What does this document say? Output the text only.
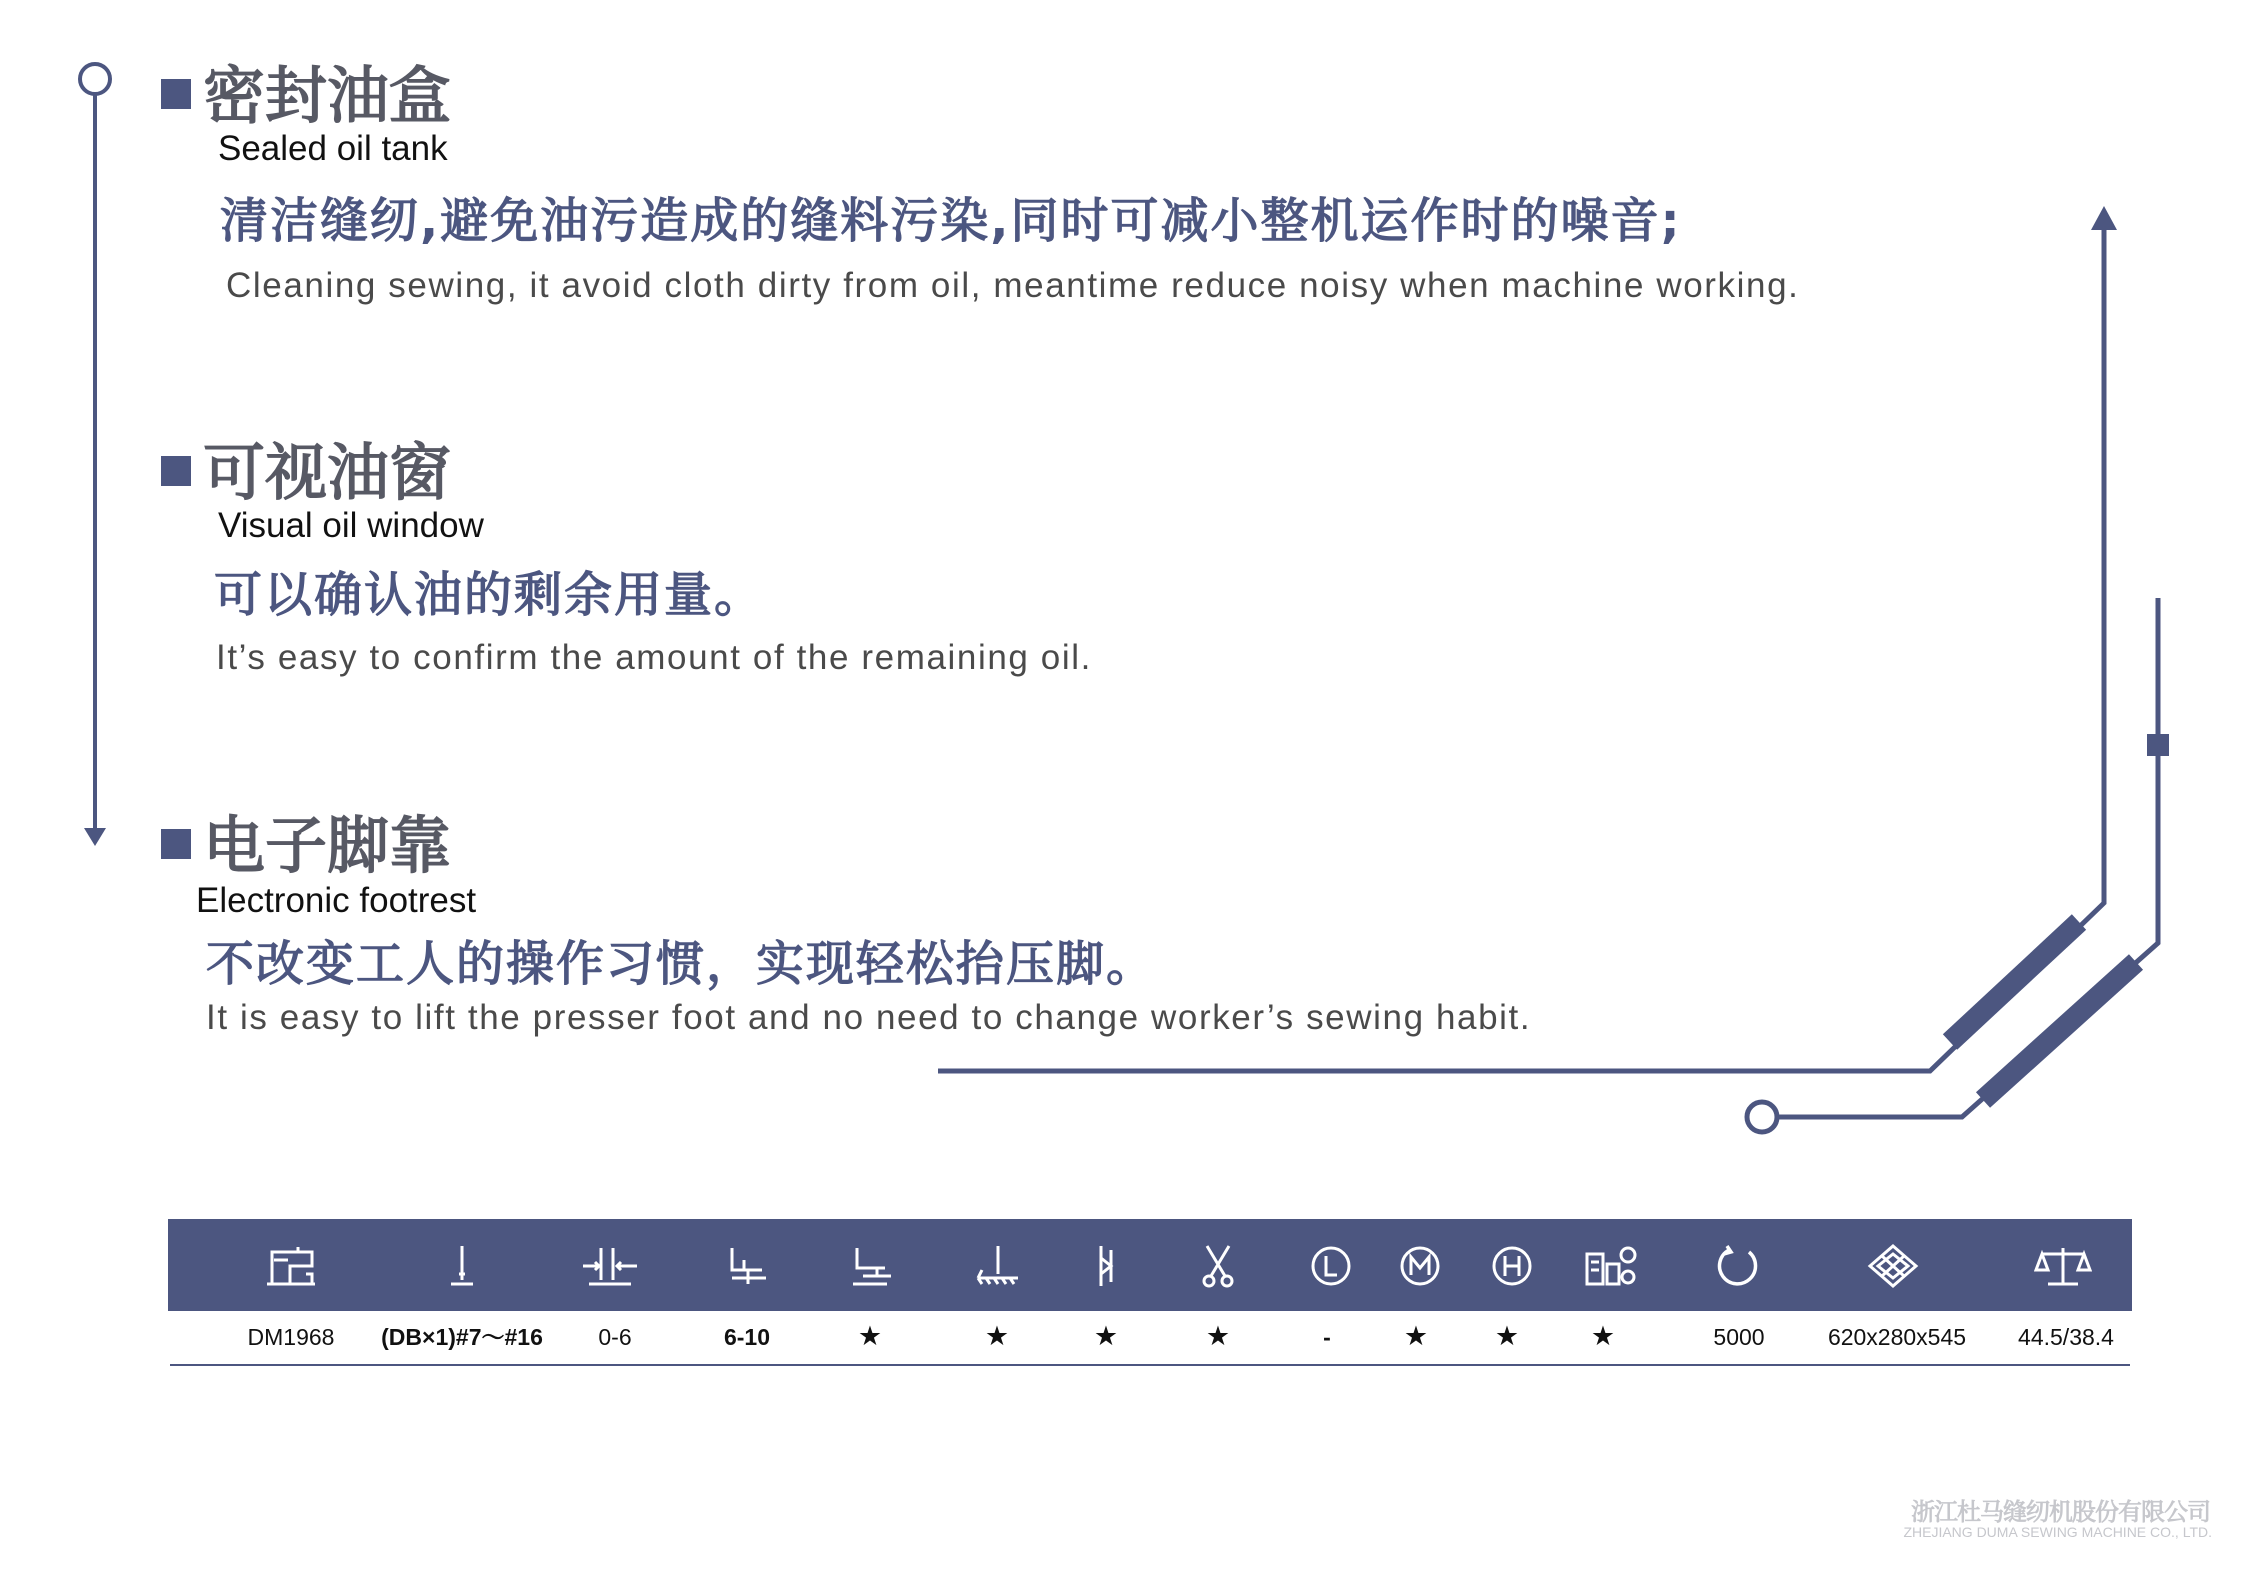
密封油盒
Sealed oil tank
清洁缝纫,避免油污造成的缝料污染,同时可减小整机运作时的噪音;
Cleaning sewing, it avoid cloth dirty from oil, meantime reduce noisy when machine working.
可视油窗
Visual oil window
可以确认油的剩余用量。
It’s easy to confirm the amount of the remaining oil.
电子脚靠
Electronic footrest
不改变工人的操作习惯，实现轻松抬压脚。
It is easy to lift the presser foot and no need to change worker’s sewing habit.
DM1968 (DB×1)#7～#16 0-6	6-10	★	★	★	★	-	★ ★	★	5000	620x280x545 44.5/38.4
浙江杜马缝纫机股份有限公司
ZHEJIANG DUMA SEWING MACHINE CO., LTD.
